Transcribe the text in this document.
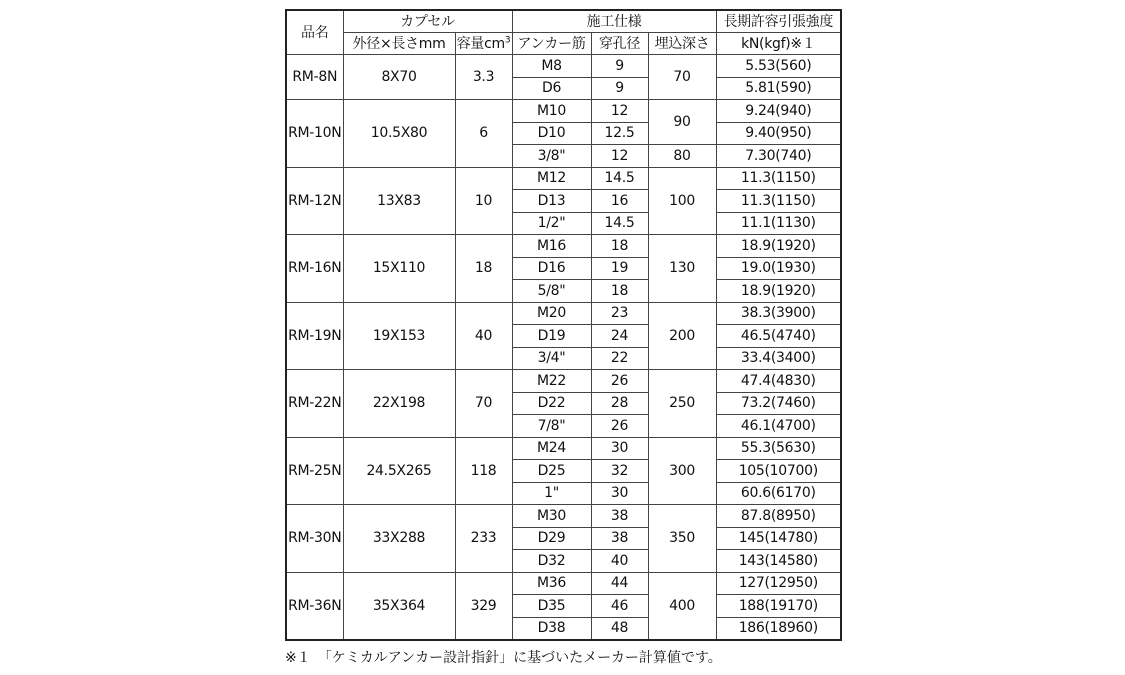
品名	カプセル		施工仕様			長期許容引張強度
	外径×長さmm	容量$cm^3$	アンカー筋	穿孔径	埋込深さ	kN(kgf)※１
RM-8N	8X70	3.3	M8	9	70	5.53(560)
			D6	9		5.81(590)
RM-10N	10.5X80	6	M10	12	90	9.24(940)
			D10	12.5		9.40(950)
			3/8"	12	80	7.30(740)
RM-12N	13X83	10	M12	14.5	100	11.3(1150)
			D13	16		11.3(1150)
			1/2"	14.5		11.1(1130)
RM-16N	15X110	18	M16	18	130	18.9(1920)
			D16	19		19.0(1930)
			5/8"	18		18.9(1920)
RM-19N	19X153	40	M20	23	200	38.3(3900)
			D19	24		46.5(4740)
			3/4"	22		33.4(3400)
RM-22N	22X198	70	M22	26	250	47.4(4830)
			D22	28		73.2(7460)
			7/8"	26		46.1(4700)
RM-25N	24.5X265	118	M24	30	300	55.3(5630)
			D25	32		105(10700)
			1"	30		60.6(6170)
RM-30N	33X288	233	M30	38	350	87.8(8950)
			D29	38		145(14780)
			D32	40		143(14580)
RM-36N	35X364	329	M36	44	400	127(12950)
			D35	46		188(19170)
			D38	48		186(18960)
※１　「ケミカルアンカー設計指針」に基づいたメーカー計算値です。
